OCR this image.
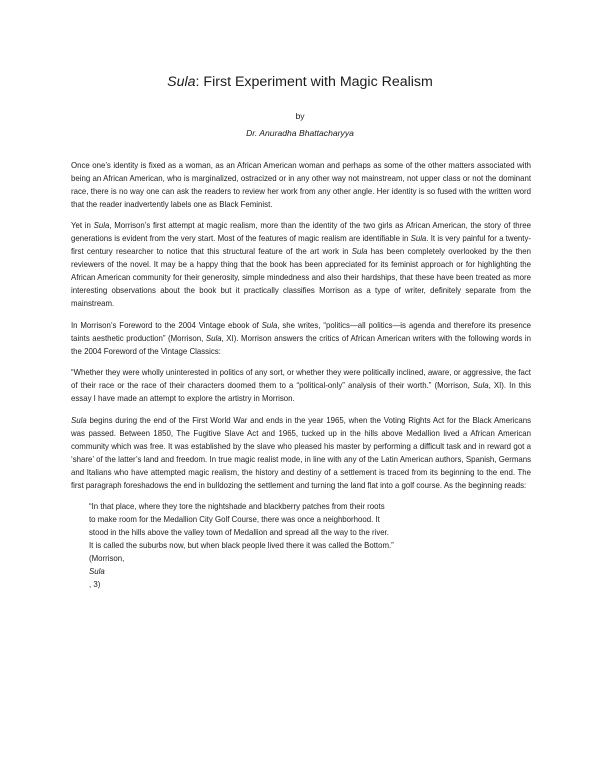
Sula: First Experiment with Magic Realism
by
Dr. Anuradha Bhattacharyya

Once one’s identity is fixed as a woman, as an African American woman and perhaps as some of the other matters associated with being an African American, who is marginalized, ostracized or in any other way not mainstream, not upper class or not the dominant race, there is no way one can ask the readers to review her work from any other angle. Her identity is so fused with the written word that the reader inadvertently labels one as Black Feminist.

Yet in Sula, Morrison’s first attempt at magic realism, more than the identity of the two girls as African American, the story of three generations is evident from the very start. Most of the features of magic realism are identifiable in Sula. It is very painful for a twenty-first century researcher to notice that this structural feature of the art work in Sula has been completely overlooked by the then reviewers of the novel. It may be a happy thing that the book has been appreciated for its feminist approach or for highlighting the African American community for their generosity, simple mindedness and also their hardships, that these have been treated as more interesting observations about the book but it practically classifies Morrison as a type of writer, definitely separate from the mainstream.

In Morrison’s Foreword to the 2004 Vintage ebook of Sula, she writes, “politics—all politics—is agenda and therefore its presence taints aesthetic production” (Morrison, Sula, XI). Morrison answers the critics of African American writers with the following words in the 2004 Foreword of the Vintage Classics:

“Whether they were wholly uninterested in politics of any sort, or whether they were politically inclined, aware, or aggressive, the fact of their race or the race of their characters doomed them to a “political-only” analysis of their worth.” (Morrison, Sula, XI). In this essay I have made an attempt to explore the artistry in Morrison.

Sula begins during the end of the First World War and ends in the year 1965, when the Voting Rights Act for the Black Americans was passed. Between 1850, The Fugitive Slave Act and 1965, tucked up in the hills above Medallion lived a African American community which was free. It was established by the slave who pleased his master by performing a difficult task and in reward got a ‘share’ of the latter’s land and freedom. In true magic realist mode, in line with any of the Latin American authors, Spanish, Germans and Italians who have attempted magic realism, the history and destiny of a settlement is traced from its beginning to the end. The first paragraph foreshadows the end in bulldozing the settlement and turning the land flat into a golf course. As the beginning reads:

“In that place, where they tore the nightshade and blackberry patches from their roots
to make room for the Medallion City Golf Course, there was once a neighborhood. It
stood in the hills above the valley town of Medallion and spread all the way to the river.
It is called the suburbs now, but when black people lived there it was called the Bottom.”
(Morrison,
Sula
, 3)
